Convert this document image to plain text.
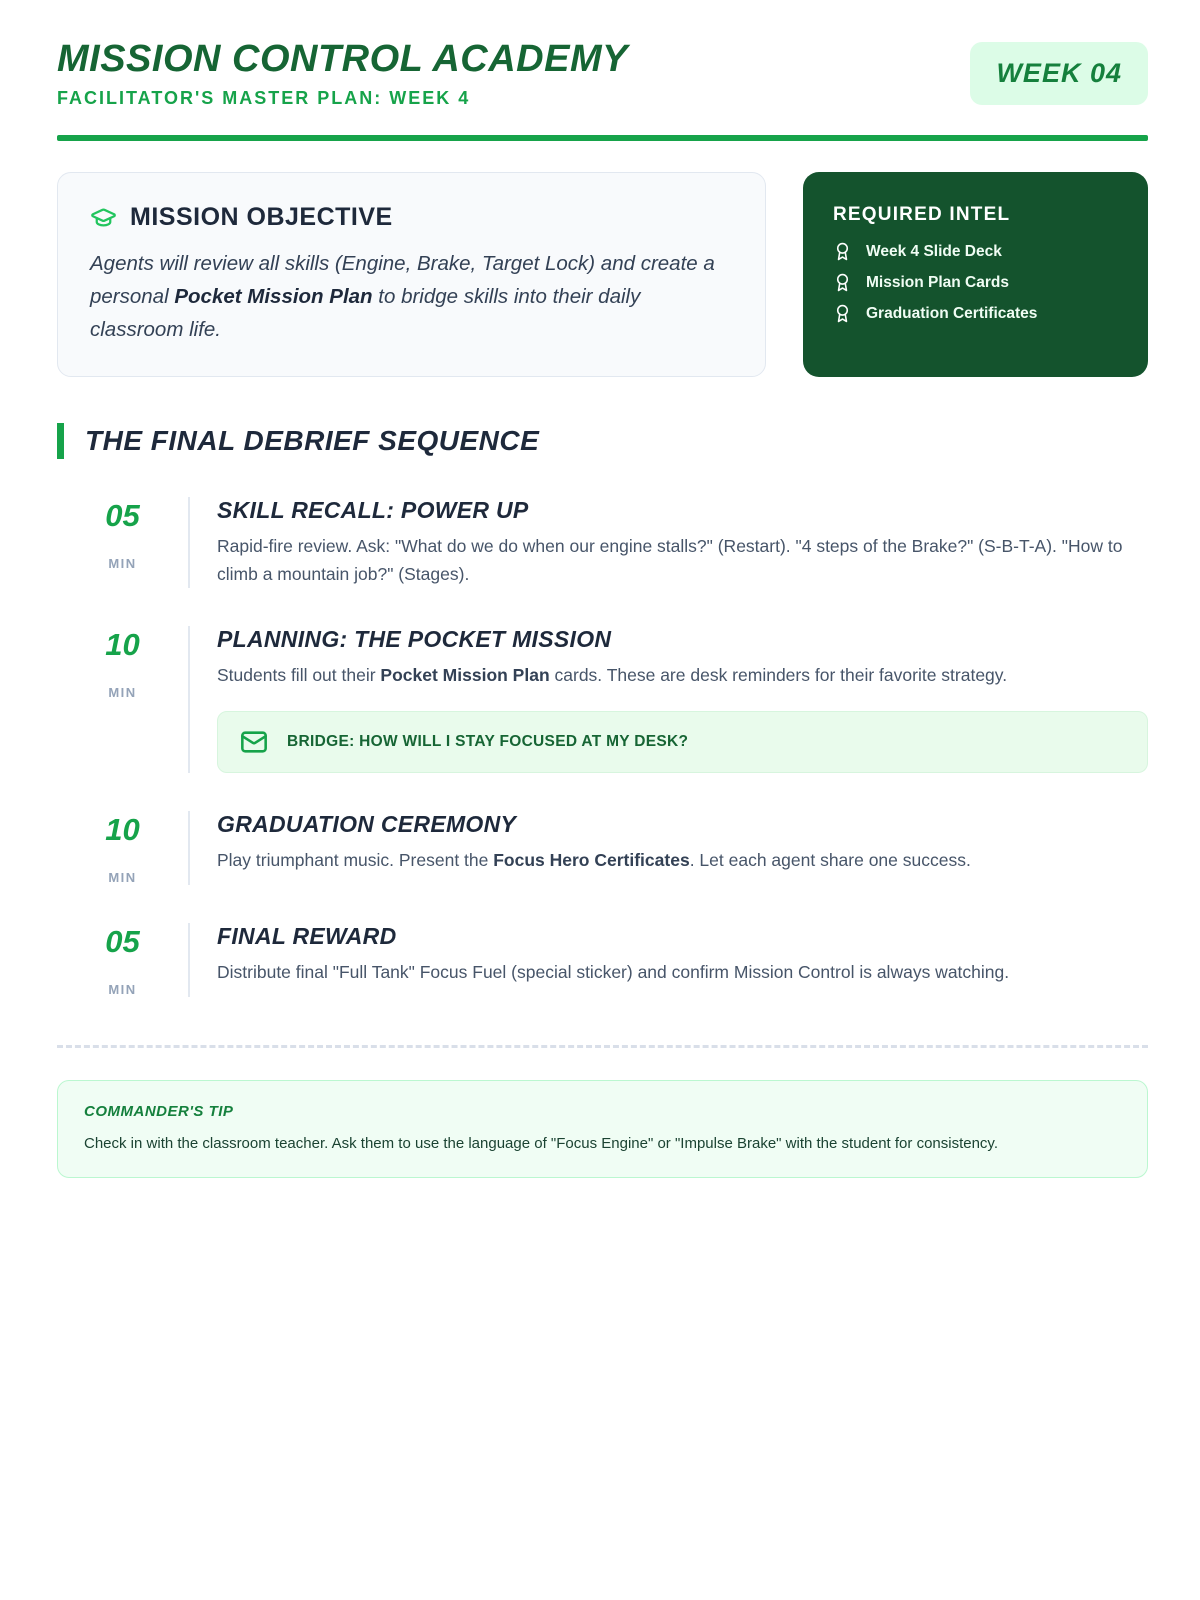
MISSION CONTROL ACADEMY
FACILITATOR'S MASTER PLAN: WEEK 4
WEEK 04
MISSION OBJECTIVE

Agents will review all skills (Engine, Brake, Target Lock) and create a personal Pocket Mission Plan to bridge skills into their daily classroom life.

REQUIRED INTEL
Week 4 Slide Deck
Mission Plan Cards
Graduation Certificates
THE FINAL DEBRIEF SEQUENCE
05
MIN
SKILL RECALL: POWER UP

Rapid-fire review. Ask: "What do we do when our engine stalls?" (Restart). "4 steps of the Brake?" (S-B-T-A). "How to climb a mountain job?" (Stages).

10
MIN
PLANNING: THE POCKET MISSION

Students fill out their Pocket Mission Plan cards. These are desk reminders for their favorite strategy.

BRIDGE: HOW WILL I STAY FOCUSED AT MY DESK?
10
MIN
GRADUATION CEREMONY

Play triumphant music. Present the Focus Hero Certificates. Let each agent share one success.

05
MIN
FINAL REWARD

Distribute final "Full Tank" Focus Fuel (special sticker) and confirm Mission Control is always watching.

COMMANDER'S TIP

Check in with the classroom teacher. Ask them to use the language of "Focus Engine" or "Impulse Brake" with the student for consistency.
